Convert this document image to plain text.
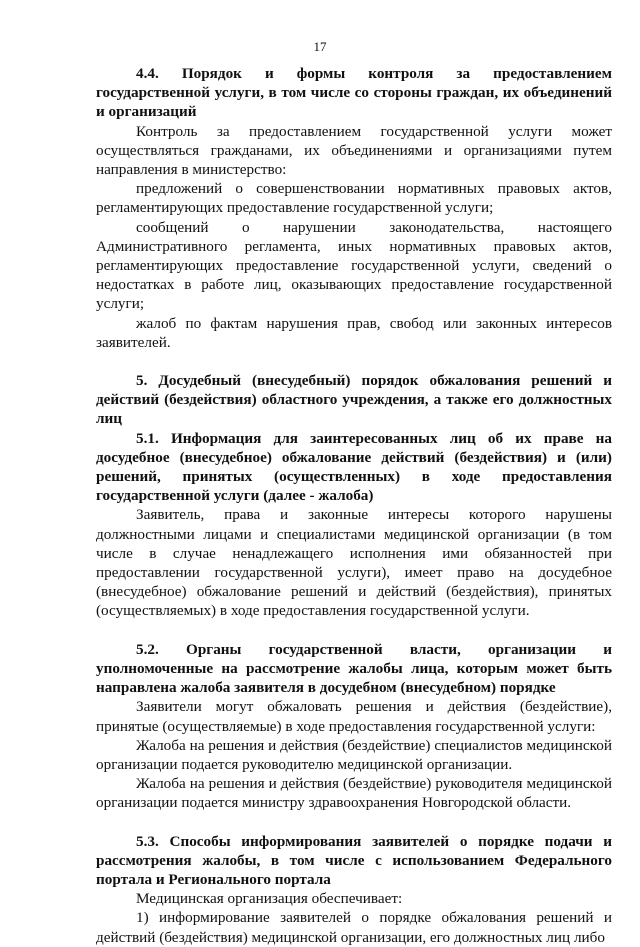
17

4.4. Порядок и формы контроля за предоставлением государственной услуги, в том числе со стороны граждан, их объединений и организаций

Контроль за предоставлением государственной услуги может осуществляться гражданами, их объединениями и организациями путем направления в министерство:

предложений о совершенствовании нормативных правовых актов, регламентирующих предоставление государственной услуги;

сообщений о нарушении законодательства, настоящего Административного регламента, иных нормативных правовых актов, регламентирующих предоставление государственной услуги, сведений о недостатках в работе лиц, оказывающих предоставление государственной услуги;

жалоб по фактам нарушения прав, свобод или законных интересов заявителей.

5. Досудебный (внесудебный) порядок обжалования решений и действий (бездействия) областного учреждения, а также его должностных лиц

5.1. Информация для заинтересованных лиц об их праве на досудебное (внесудебное) обжалование действий (бездействия) и (или) решений, принятых (осуществленных) в ходе предоставления государственной услуги (далее - жалоба)

Заявитель, права и законные интересы которого нарушены должностными лицами и специалистами медицинской организации (в том числе в случае ненадлежащего исполнения ими обязанностей при предоставлении государственной услуги), имеет право на досудебное (внесудебное) обжалование решений и действий (бездействия), принятых (осуществляемых) в ходе предоставления государственной услуги.

5.2. Органы государственной власти, организации и уполномоченные на рассмотрение жалобы лица, которым может быть направлена жалоба заявителя в досудебном (внесудебном) порядке

Заявители могут обжаловать решения и действия (бездействие), принятые (осуществляемые) в ходе предоставления государственной услуги:

Жалоба на решения и действия (бездействие) специалистов медицинской организации подается руководителю медицинской организации.

Жалоба на решения и действия (бездействие) руководителя медицинской организации подается министру здравоохранения Новгородской области.

5.3. Способы информирования заявителей о порядке подачи и рассмотрения жалобы, в том числе с использованием Федерального портала и Регионального портала

Медицинская организация обеспечивает:

1) информирование заявителей о порядке обжалования решений и действий (бездействия) медицинской организации, его должностных лиц либо
